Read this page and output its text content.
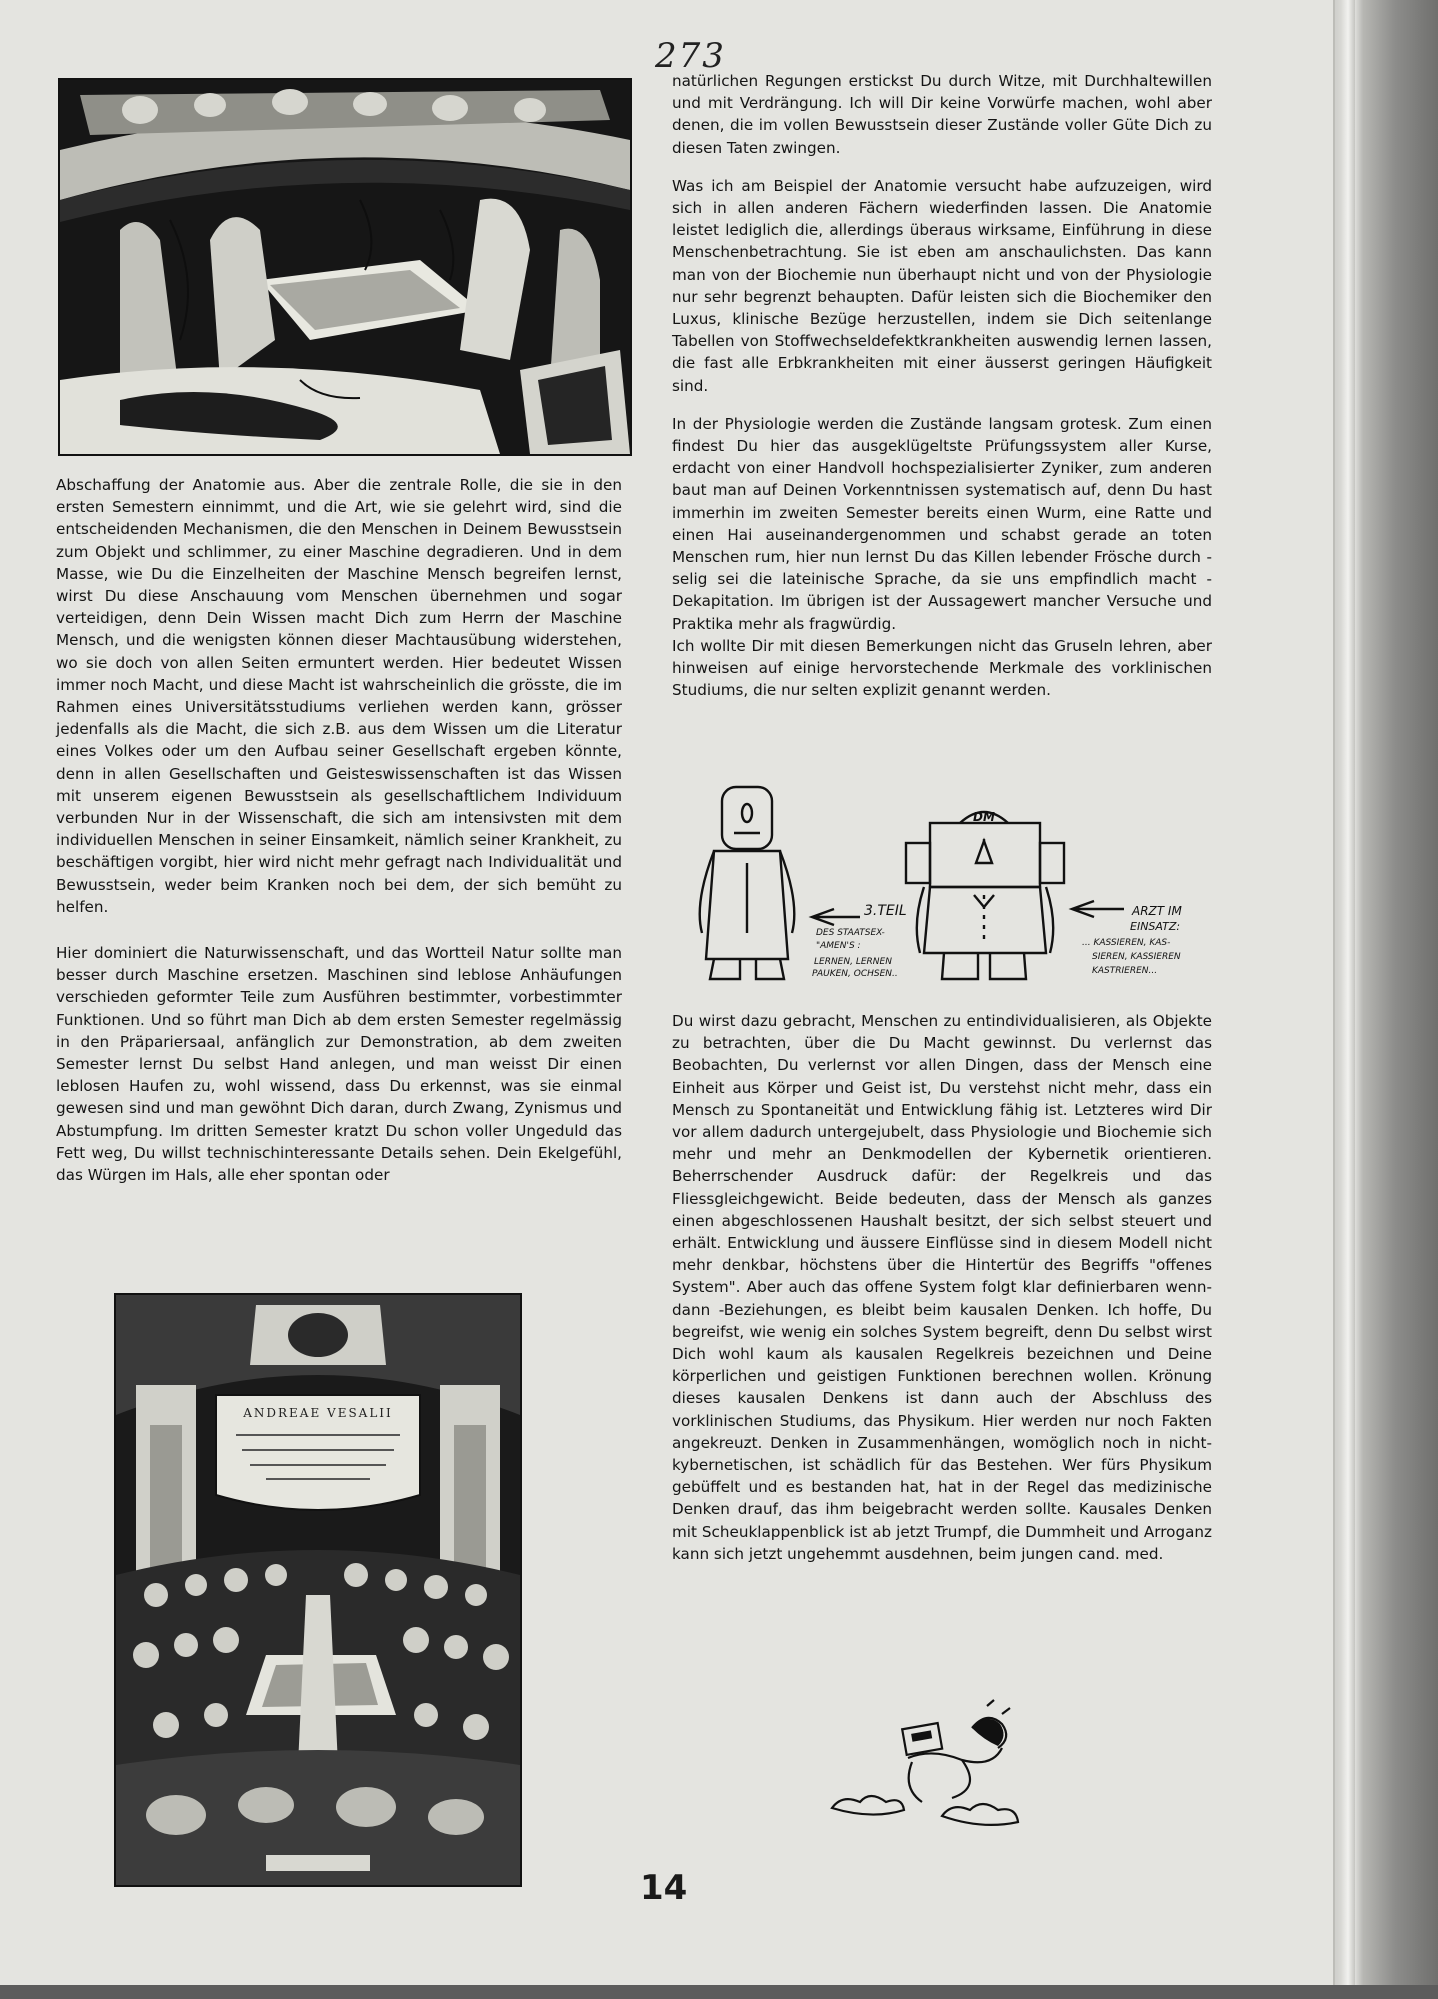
273

Abschaffung der Anatomie aus. Aber die zentrale Rolle, die sie in den ersten Semestern einnimmt, und die Art, wie sie gelehrt wird, sind die entscheidenden Mechanismen, die den Menschen in Deinem Bewusstsein zum Objekt und schlimmer, zu einer Maschine degradieren. Und in dem Masse, wie Du die Einzelheiten der Maschine Mensch begreifen lernst, wirst Du diese Anschauung vom Menschen übernehmen und sogar verteidigen, denn Dein Wissen macht Dich zum Herrn der Maschine Mensch, und die wenigsten können dieser Machtausübung widerstehen, wo sie doch von allen Seiten ermuntert werden. Hier bedeutet Wissen immer noch Macht, und diese Macht ist wahrscheinlich die grösste, die im Rahmen eines Universitätsstudiums verliehen werden kann, grösser jedenfalls als die Macht, die sich z.B. aus dem Wissen um die Literatur eines Volkes oder um den Aufbau seiner Gesellschaft ergeben könnte, denn in allen Gesellschaften und Geisteswissenschaften ist das Wissen mit unserem eigenen Bewusstsein als gesellschaftlichem Individuum verbunden Nur in der Wissenschaft, die sich am intensivsten mit dem individuellen Menschen in seiner Einsamkeit, nämlich seiner Krankheit, zu beschäftigen vorgibt, hier wird nicht mehr gefragt nach Individualität und Bewusstsein, weder beim Kranken noch bei dem, der sich bemüht zu helfen.

Hier dominiert die Naturwissenschaft, und das Wortteil Natur sollte man besser durch Maschine ersetzen. Maschinen sind leblose Anhäufungen verschieden geformter Teile zum Ausführen bestimmter, vorbestimmter Funktionen. Und so führt man Dich ab dem ersten Semester regelmässig in den Präpariersaal, anfänglich zur Demonstration, ab dem zweiten Semester lernst Du selbst Hand anlegen, und man weisst Dir einen leblosen Haufen zu, wohl wissend, dass Du erkennst, was sie einmal gewesen sind und man gewöhnt Dich daran, durch Zwang, Zynismus und Abstumpfung. Im dritten Semester kratzt Du schon voller Ungeduld das Fett weg, Du willst technischinteressante Details sehen. Dein Ekelgefühl, das Würgen im Hals, alle eher spontan oder

ANDREAE VESALII

natürlichen Regungen erstickst Du durch Witze, mit Durchhaltewillen und mit Verdrängung. Ich will Dir keine Vorwürfe machen, wohl aber denen, die im vollen Bewusstsein dieser Zustände voller Güte Dich zu diesen Taten zwingen.

Was ich am Beispiel der Anatomie versucht habe aufzuzeigen, wird sich in allen anderen Fächern wiederfinden lassen. Die Anatomie leistet lediglich die, allerdings überaus wirksame, Einführung in diese Menschenbetrachtung. Sie ist eben am anschaulichsten. Das kann man von der Biochemie nun überhaupt nicht und von der Physiologie nur sehr begrenzt behaupten. Dafür leisten sich die Biochemiker den Luxus, klinische Bezüge herzustellen, indem sie Dich seitenlange Tabellen von Stoffwechseldefektkrankheiten auswendig lernen lassen, die fast alle Erbkrankheiten mit einer äusserst geringen Häufigkeit sind.

In der Physiologie werden die Zustände langsam grotesk. Zum einen findest Du hier das ausgeklügeltste Prüfungssystem aller Kurse, erdacht von einer Handvoll hochspezialisierter Zyniker, zum anderen baut man auf Deinen Vorkenntnissen systematisch auf, denn Du hast immerhin im zweiten Semester bereits einen Wurm, eine Ratte und einen Hai auseinandergenommen und schabst gerade an toten Menschen rum, hier nun lernst Du das Killen lebender Frösche durch - selig sei die lateinische Sprache, da sie uns empfindlich macht - Dekapitation. Im übrigen ist der Aussagewert mancher Versuche und Praktika mehr als fragwürdig.
Ich wollte Dir mit diesen Bemerkungen nicht das Gruseln lehren, aber hinweisen auf einige hervorstechende Merkmale des vorklinischen Studiums, die nur selten explizit genannt werden.

DM
3.TEIL
DES STAATSEX-
"AMEN'S :
LERNEN, LERNEN
PAUKEN, OCHSEN..
ARZT IM
EINSATZ:
... KASSIEREN, KAS-
SIEREN, KASSIEREN
KASTRIEREN...

Du wirst dazu gebracht, Menschen zu entindividualisieren, als Objekte zu betrachten, über die Du Macht gewinnst. Du verlernst das Beobachten, Du verlernst vor allen Dingen, dass der Mensch eine Einheit aus Körper und Geist ist, Du verstehst nicht mehr, dass ein Mensch zu Spontaneität und Entwicklung fähig ist. Letzteres wird Dir vor allem dadurch untergejubelt, dass Physiologie und Biochemie sich mehr und mehr an Denkmodellen der Kybernetik orientieren. Beherrschender Ausdruck dafür: der Regelkreis und das Fliessgleichgewicht. Beide bedeuten, dass der Mensch als ganzes einen abgeschlossenen Haushalt besitzt, der sich selbst steuert und erhält. Entwicklung und äussere Einflüsse sind in diesem Modell nicht mehr denkbar, höchstens über die Hintertür des Begriffs "offenes System". Aber auch das offene System folgt klar definierbaren wenn-dann -Beziehungen, es bleibt beim kausalen Denken. Ich hoffe, Du begreifst, wie wenig ein solches System begreift, denn Du selbst wirst Dich wohl kaum als kausalen Regelkreis bezeichnen und Deine körperlichen und geistigen Funktionen berechnen wollen. Krönung dieses kausalen Denkens ist dann auch der Abschluss des vorklinischen Studiums, das Physikum. Hier werden nur noch Fakten angekreuzt. Denken in Zusammenhängen, womöglich noch in nicht-kybernetischen, ist schädlich für das Bestehen. Wer fürs Physikum gebüffelt und es bestanden hat, hat in der Regel das medizinische Denken drauf, das ihm beigebracht werden sollte. Kausales Denken mit Scheuklappenblick ist ab jetzt Trumpf, die Dummheit und Arroganz kann sich jetzt ungehemmt ausdehnen, beim jungen cand. med.

14
